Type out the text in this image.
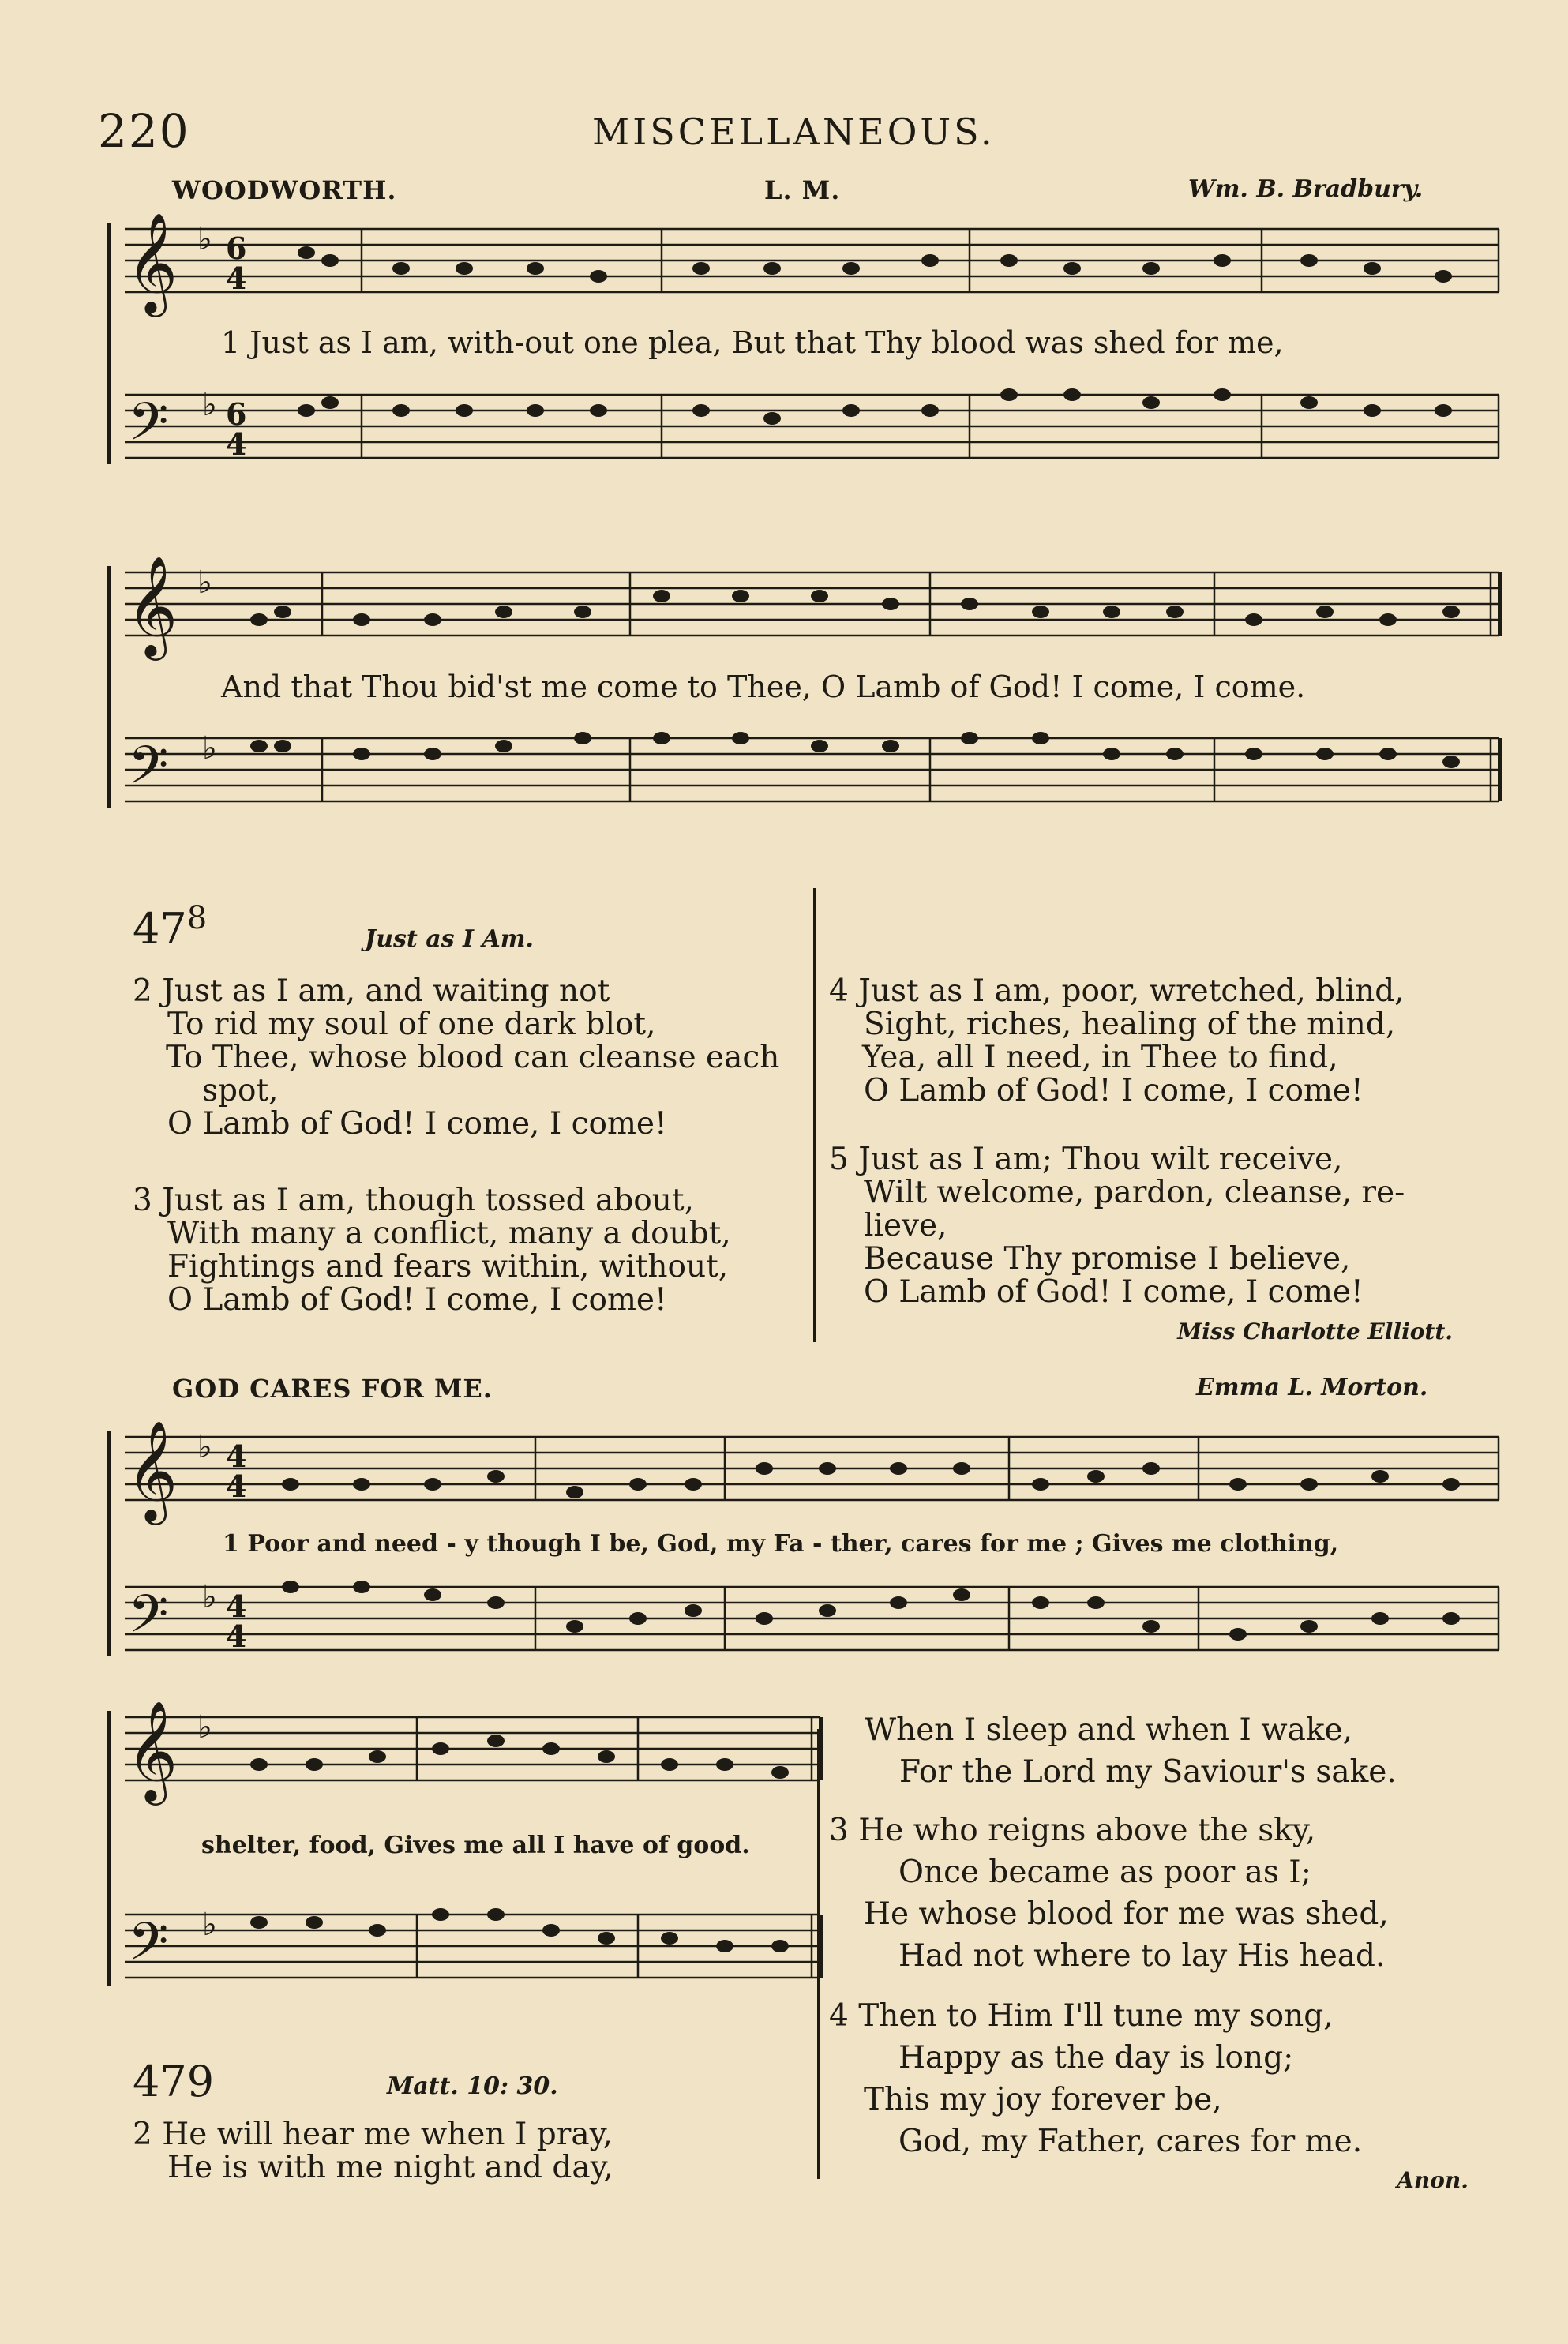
220	MISCELLANEOUS.
WOODWORTH.	L. M.	Wm. B. Bradbury.
𝄞
𝄢
6
4
6
4
♭
♭
1 Just as I am, with-out one plea, But that Thy blood was shed for me,
𝄞
𝄢
♭
♭
And that Thou bid'st me come to Thee, O Lamb of God! I come, I come.
$47^8$
Just as I Am.
2 Just as I am, and waiting not
To rid my soul of one dark blot,
To Thee, whose blood can cleanse each
spot,
O Lamb of God! I come, I come!
3 Just as I am, though tossed about,
With many a conflict, many a doubt,
Fightings and fears within, without,
O Lamb of God! I come, I come!
4 Just as I am, poor, wretched, blind,
Sight, riches, healing of the mind,
Yea, all I need, in Thee to find,
O Lamb of God! I come, I come!
5 Just as I am; Thou wilt receive,
Wilt welcome, pardon, cleanse, re-
lieve,
Because Thy promise I believe,
O Lamb of God! I come, I come!
Miss Charlotte Elliott.
GOD CARES FOR ME.	Emma L. Morton.
𝄞
𝄢
4
4
4
4
♭
♭
1 Poor and need - y though I be, God, my Fa - ther, cares for me ; Gives me clothing,
𝄞
𝄢
♭
♭
shelter, food, Gives me all I have of good.
479	Matt. 10: 30.
2 He will hear me when I pray,
He is with me night and day,
When I sleep and when I wake,
For the Lord my Saviour's sake.
3 He who reigns above the sky,
Once became as poor as I;
He whose blood for me was shed,
Had not where to lay His head.
4 Then to Him I'll tune my song,
Happy as the day is long;
This my joy forever be,
God, my Father, cares for me.
Anon.
